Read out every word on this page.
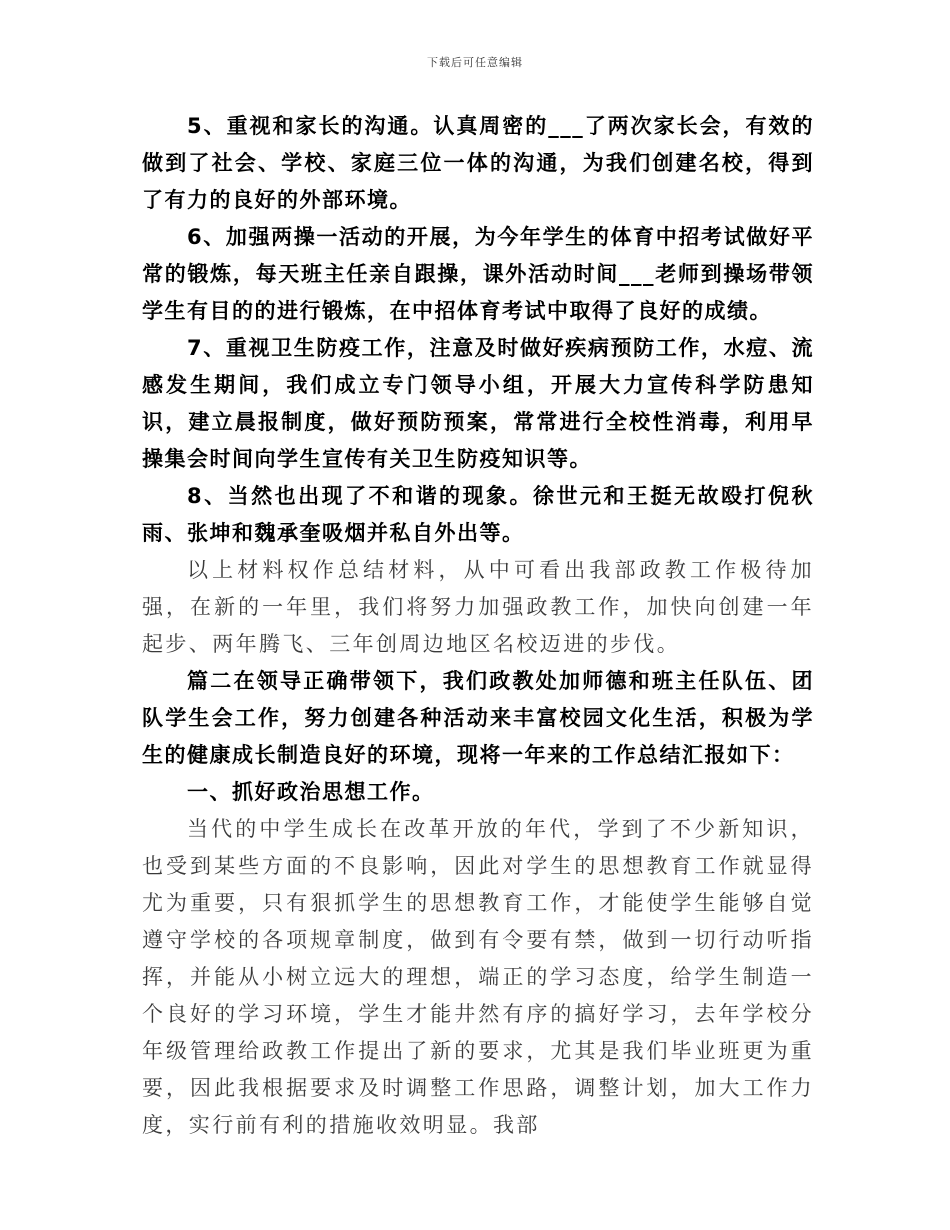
下载后可任意编辑

5、重视和家长的沟通。认真周密的___了两次家长会，有效的做到了社会、学校、家庭三位一体的沟通，为我们创建名校，得到了有力的良好的外部环境。

6、加强两操一活动的开展，为今年学生的体育中招考试做好平常的锻炼，每天班主任亲自跟操，课外活动时间___老师到操场带领学生有目的的进行锻炼，在中招体育考试中取得了良好的成绩。

7、重视卫生防疫工作，注意及时做好疾病预防工作，水痘、流感发生期间，我们成立专门领导小组，开展大力宣传科学防患知识，建立晨报制度，做好预防预案，常常进行全校性消毒，利用早操集会时间向学生宣传有关卫生防疫知识等。

8、当然也出现了不和谐的现象。徐世元和王挺无故殴打倪秋雨、张坤和魏承奎吸烟并私自外出等。

以上材料权作总结材料，从中可看出我部政教工作极待加强，在新的一年里，我们将努力加强政教工作，加快向创建一年起步、两年腾飞、三年创周边地区名校迈进的步伐。

篇二在领导正确带领下，我们政教处加师德和班主任队伍、团队学生会工作，努力创建各种活动来丰富校园文化生活，积极为学生的健康成长制造良好的环境，现将一年来的工作总结汇报如下：

一、抓好政治思想工作。

当代的中学生成长在改革开放的年代，学到了不少新知识，也受到某些方面的不良影响，因此对学生的思想教育工作就显得尤为重要，只有狠抓学生的思想教育工作，才能使学生能够自觉遵守学校的各项规章制度，做到有令要有禁，做到一切行动听指挥，并能从小树立远大的理想，端正的学习态度，给学生制造一个良好的学习环境，学生才能井然有序的搞好学习，去年学校分年级管理给政教工作提出了新的要求，尤其是我们毕业班更为重要，因此我根据要求及时调整工作思路，调整计划，加大工作力度，实行前有利的措施收效明显。我部
